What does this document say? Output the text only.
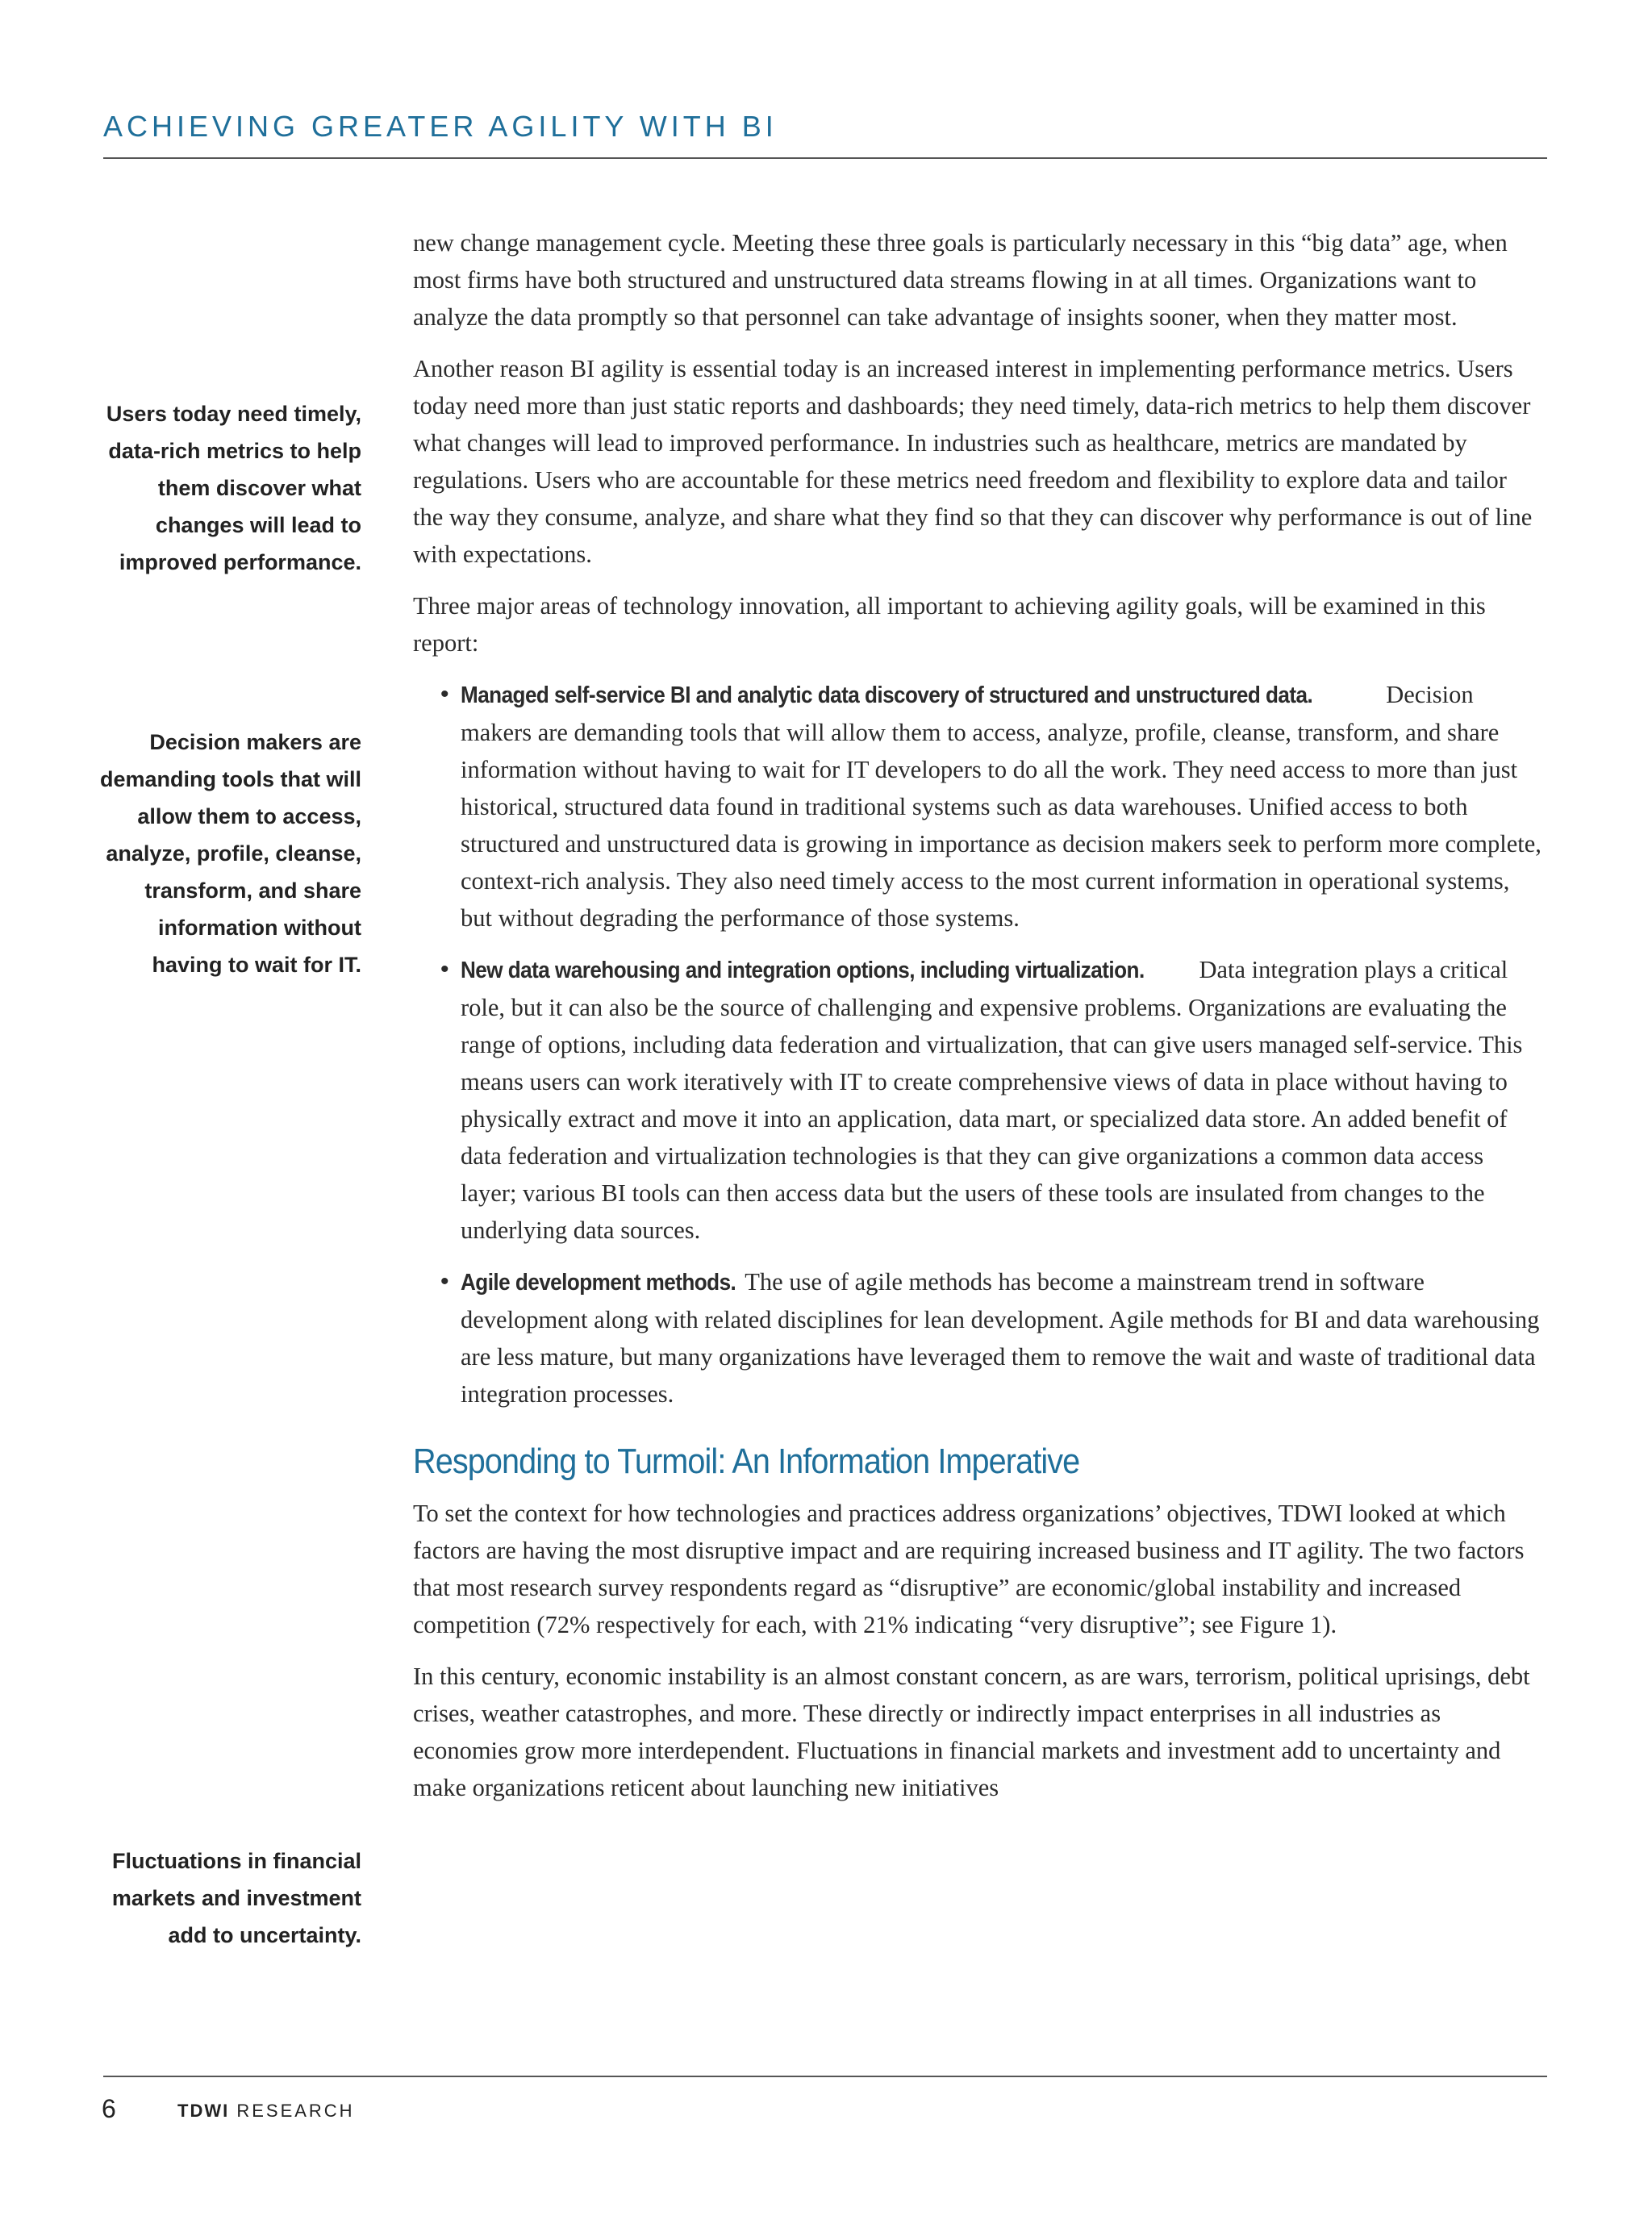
ACHIEVING GREATER AGILITY WITH BI
Users today need timely, data-rich metrics to help them discover what changes will lead to improved performance.
Decision makers are demanding tools that will allow them to access, analyze, profile, cleanse, transform, and share information without having to wait for IT.
Fluctuations in financial markets and investment add to uncertainty.

new change management cycle. Meeting these three goals is particularly necessary in this “big data” age, when most firms have both structured and unstructured data streams flowing in at all times. Organizations want to analyze the data promptly so that personnel can take advantage of insights sooner, when they matter most.

Another reason BI agility is essential today is an increased interest in implementing performance metrics. Users today need more than just static reports and dashboards; they need timely, data-rich metrics to help them discover what changes will lead to improved performance. In industries such as healthcare, metrics are mandated by regulations. Users who are accountable for these metrics need freedom and flexibility to explore data and tailor the way they consume, analyze, and share what they find so that they can discover why performance is out of line with expectations.

Three major areas of technology innovation, all important to achieving agility goals, will be examined in this report:

• Managed self-service BI and analytic data discovery of structured and unstructured data.	Decision makers are demanding tools that will allow them to access, analyze, profile, cleanse, transform, and share information without having to wait for IT developers to do all the work. They need access to more than just historical, structured data found in traditional systems such as data warehouses. Unified access to both structured and unstructured data is growing in importance as decision makers seek to perform more complete, context-rich analysis. They also need timely access to the most current information in operational systems, but without degrading the performance of those systems.
• New data warehousing and integration options, including virtualization. Data integration plays a critical role, but it can also be the source of challenging and expensive problems. Organizations are evaluating the range of options, including data federation and virtualization, that can give users managed self-service. This means users can work iteratively with IT to create comprehensive views of data in place without having to physically extract and move it into an application, data mart, or specialized data store. An added benefit of data federation and virtualization technologies is that they can give organizations a common data access layer; various BI tools can then access data but the users of these tools are insulated from changes to the underlying data sources.
• Agile development methods. The use of agile methods has become a mainstream trend in software development along with related disciplines for lean development. Agile methods for BI and data warehousing are less mature, but many organizations have leveraged them to remove the wait and waste of traditional data integration processes.
Responding to Turmoil: An Information Imperative

To set the context for how technologies and practices address organizations’ objectives, TDWI looked at which factors are having the most disruptive impact and are requiring increased business and IT agility. The two factors that most research survey respondents regard as “disruptive” are economic/global instability and increased competition (72% respectively for each, with 21% indicating “very disruptive”; see Figure 1).

In this century, economic instability is an almost constant concern, as are wars, terrorism, political uprisings, debt crises, weather catastrophes, and more. These directly or indirectly impact enterprises in all industries as economies grow more interdependent. Fluctuations in financial markets and investment add to uncertainty and make organizations reticent about launching new initiatives

6	TDWI RESEARCH
